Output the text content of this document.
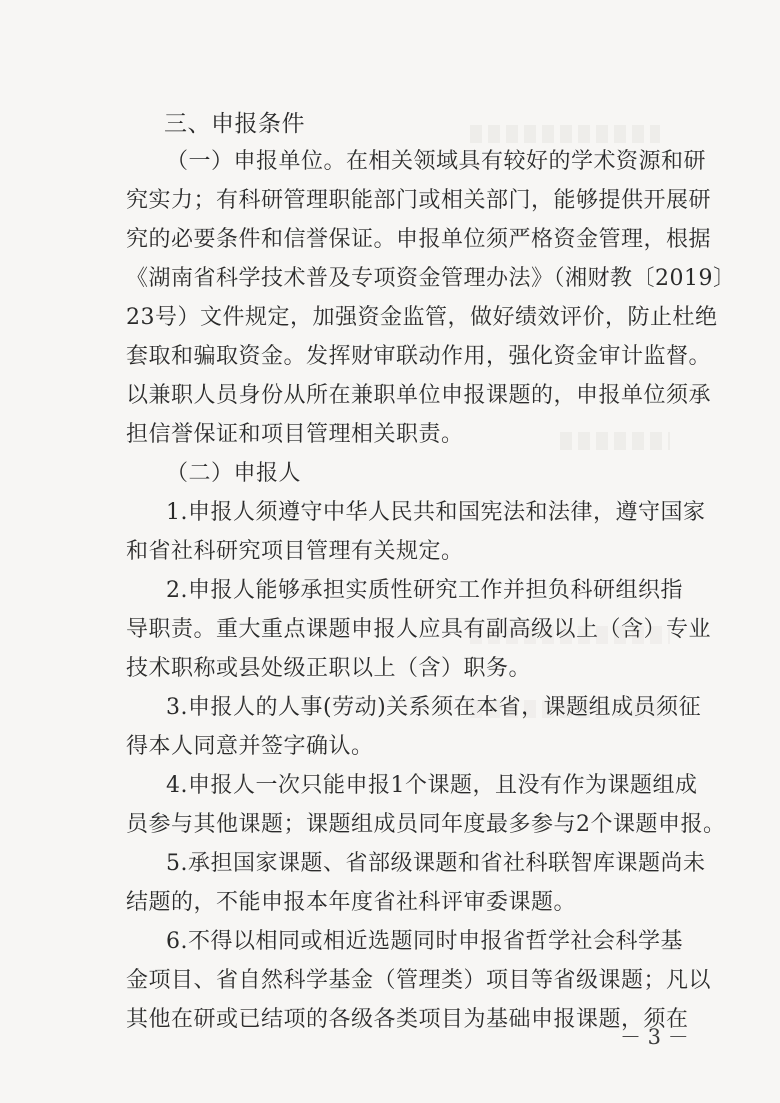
三、申报条件
（一）申报单位。在相关领域具有较好的学术资源和研
究实力；有科研管理职能部门或相关部门，能够提供开展研
究的必要条件和信誉保证。申报单位须严格资金管理，根据
《湖南省科学技术普及专项资金管理办法》（湘财教〔2019〕
23号）文件规定，加强资金监管，做好绩效评价，防止杜绝
套取和骗取资金。发挥财审联动作用，强化资金审计监督。
以兼职人员身份从所在兼职单位申报课题的，申报单位须承
担信誉保证和项目管理相关职责。
（二）申报人
1.申报人须遵守中华人民共和国宪法和法律，遵守国家
和省社科研究项目管理有关规定。
2.申报人能够承担实质性研究工作并担负科研组织指
导职责。重大重点课题申报人应具有副高级以上（含）专业
技术职称或县处级正职以上（含）职务。
3.申报人的人事(劳动)关系须在本省，课题组成员须征
得本人同意并签字确认。
4.申报人一次只能申报1个课题，且没有作为课题组成
员参与其他课题；课题组成员同年度最多参与2个课题申报。
5.承担国家课题、省部级课题和省社科联智库课题尚未
结题的，不能申报本年度省社科评审委课题。
6.不得以相同或相近选题同时申报省哲学社会科学基
金项目、省自然科学基金（管理类）项目等省级课题；凡以
其他在研或已结项的各级各类项目为基础申报课题，须在
－ 3 －
